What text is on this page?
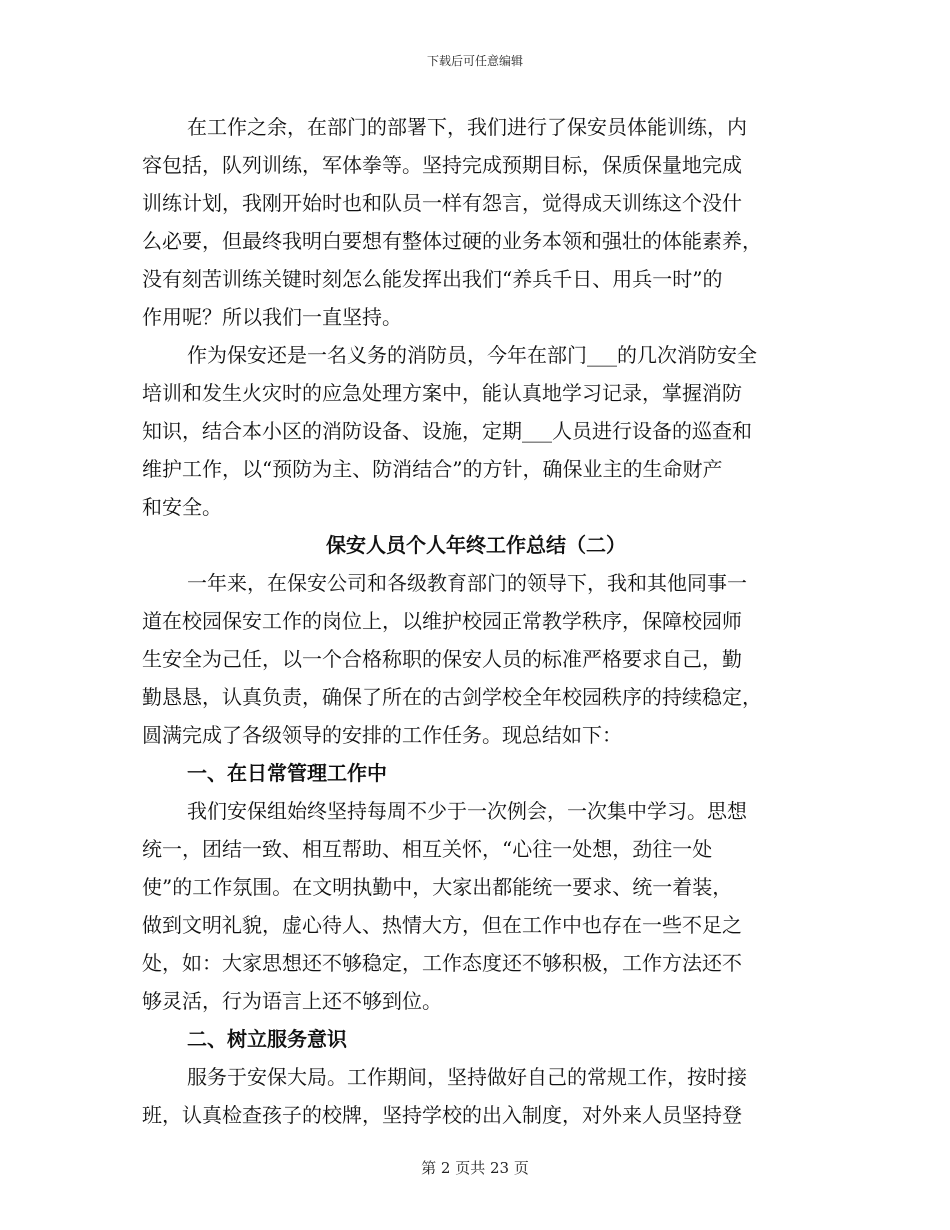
下载后可任意编辑
在工作之余，在部门的部署下，我们进行了保安员体能训练，内
容包括，队列训练，军体拳等。坚持完成预期目标，保质保量地完成
训练计划，我刚开始时也和队员一样有怨言，觉得成天训练这个没什
么必要，但最终我明白要想有整体过硬的业务本领和强壮的体能素养，
没有刻苦训练关键时刻怎么能发挥出我们“养兵千日、用兵一时”的
作用呢？所以我们一直坚持。
作为保安还是一名义务的消防员，今年在部门___的几次消防安全
培训和发生火灾时的应急处理方案中，能认真地学习记录，掌握消防
知识，结合本小区的消防设备、设施，定期___人员进行设备的巡查和
维护工作，以“预防为主、防消结合”的方针，确保业主的生命财产
和安全。
保安人员个人年终工作总结（二）
一年来，在保安公司和各级教育部门的领导下，我和其他同事一
道在校园保安工作的岗位上，以维护校园正常教学秩序，保障校园师
生安全为己任，以一个合格称职的保安人员的标准严格要求自己，勤
勤恳恳，认真负责，确保了所在的古剑学校全年校园秩序的持续稳定，
圆满完成了各级领导的安排的工作任务。现总结如下：
一、在日常管理工作中
我们安保组始终坚持每周不少于一次例会，一次集中学习。思想
统一，团结一致、相互帮助、相互关怀，“心往一处想，劲往一处
使”的工作氛围。在文明执勤中，大家出都能统一要求、统一着装，
做到文明礼貌，虚心待人、热情大方，但在工作中也存在一些不足之
处，如：大家思想还不够稳定，工作态度还不够积极，工作方法还不
够灵活，行为语言上还不够到位。
二、树立服务意识
服务于安保大局。工作期间，坚持做好自己的常规工作，按时接
班，认真检查孩子的校牌，坚持学校的出入制度，对外来人员坚持登
第 2 页共 23 页
